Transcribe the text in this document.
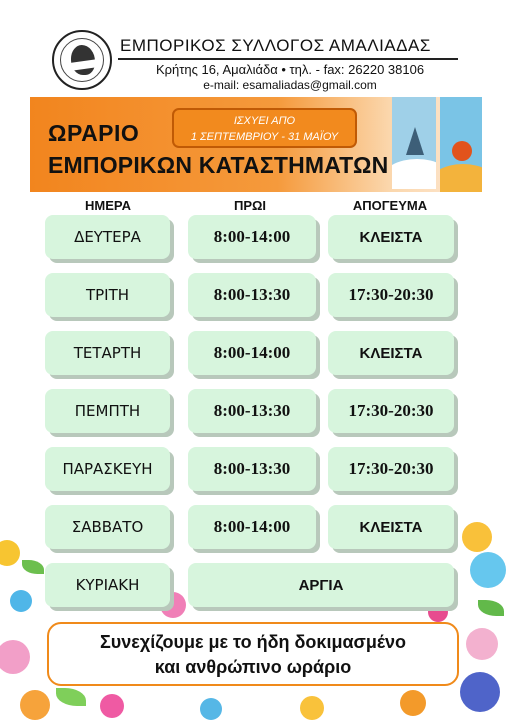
ΕΜΠΟΡΙΚΟΣ ΣΥΛΛΟΓΟΣ ΑΜΑΛΙΑΔΑΣ
Κρήτης 16, Αμαλιάδα • τηλ. - fax: 26220 38106
e-mail: esamaliadas@gmail.com
ΩΡΑΡΙΟ
ΕΜΠΟΡΙΚΩΝ ΚΑΤΑΣΤΗΜΑΤΩΝ
ΙΣΧΥΕΙ ΑΠΟ
1 ΣΕΠΤΕΜΒΡΙΟΥ - 31 ΜΑΪΟΥ
ΗΜΕΡΑ	ΠΡΩΙ	ΑΠΟΓΕΥΜΑ
ΔΕΥΤΕΡΑ	8:00-14:00	ΚΛΕΙΣΤΑ
ΤΡΙΤΗ	8:00-13:30	17:30-20:30
ΤΕΤΑΡΤΗ	8:00-14:00	ΚΛΕΙΣΤΑ
ΠΕΜΠΤΗ	8:00-13:30	17:30-20:30
ΠΑΡΑΣΚΕΥΗ	8:00-13:30	17:30-20:30
ΣΑΒΒΑΤΟ	8:00-14:00	ΚΛΕΙΣΤΑ
ΚΥΡΙΑΚΗ	ΑΡΓΙΑ
Συνεχίζουμε με το ήδη δοκιμασμένο
και ανθρώπινο ωράριο
